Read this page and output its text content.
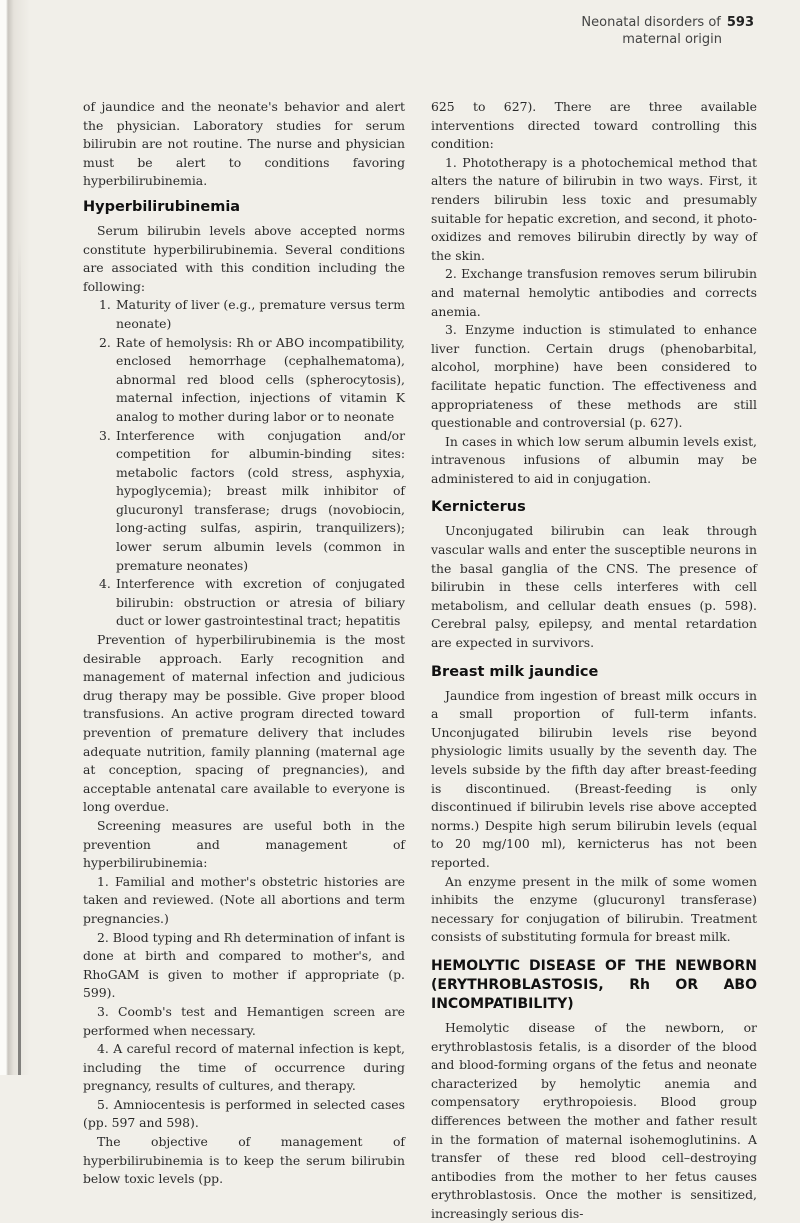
Neonatal disorders of 593
maternal origin

of jaundice and the neonate's behavior and alert the physician. Laboratory studies for serum bilirubin are not routine. The nurse and physician must be alert to conditions favoring hyperbilirubinemia.

Hyperbilirubinemia

Serum bilirubin levels above accepted norms constitute hyperbilirubinemia. Several conditions are associated with this condition including the following:

1. Maturity of liver (e.g., premature versus term neonate)
2. Rate of hemolysis: Rh or ABO incompatibility, enclosed hemorrhage (cephalhematoma), abnormal red blood cells (spherocytosis), maternal infection, injections of vitamin K analog to mother during labor or to neonate
3. Interference with conjugation and/or competition for albumin-binding sites: metabolic factors (cold stress, asphyxia, hypoglycemia); breast milk inhibitor of glucuronyl transferase; drugs (novobiocin, long-acting sulfas, aspirin, tranquilizers); lower serum albumin levels (common in premature neonates)
4. Interference with excretion of conjugated bilirubin: obstruction or atresia of biliary duct or lower gastrointestinal tract; hepatitis

Prevention of hyperbilirubinemia is the most desirable approach. Early recognition and management of maternal infection and judicious drug therapy may be possible. Give proper blood transfusions. An active program directed toward prevention of premature delivery that includes adequate nutrition, family planning (maternal age at conception, spacing of pregnancies), and acceptable antenatal care available to everyone is long overdue.

Screening measures are useful both in the prevention and management of hyperbilirubinemia:

1. Familial and mother's obstetric histories are taken and reviewed. (Note all abortions and term pregnancies.)

2. Blood typing and Rh determination of infant is done at birth and compared to mother's, and RhoGAM is given to mother if appropriate (p. 599).

3. Coomb's test and Hemantigen screen are performed when necessary.

4. A careful record of maternal infection is kept, including the time of occurrence during pregnancy, results of cultures, and therapy.

5. Amniocentesis is performed in selected cases (pp. 597 and 598).

The objective of management of hyperbilirubinemia is to keep the serum bilirubin below toxic levels (pp.

625 to 627). There are three available interventions directed toward controlling this condition:

1. Phototherapy is a photochemical method that alters the nature of bilirubin in two ways. First, it renders bilirubin less toxic and presumably suitable for hepatic excretion, and second, it photo-oxidizes and removes bilirubin directly by way of the skin.

2. Exchange transfusion removes serum bilirubin and maternal hemolytic antibodies and corrects anemia.

3. Enzyme induction is stimulated to enhance liver function. Certain drugs (phenobarbital, alcohol, morphine) have been considered to facilitate hepatic function. The effectiveness and appropriateness of these methods are still questionable and controversial (p. 627).

In cases in which low serum albumin levels exist, intravenous infusions of albumin may be administered to aid in conjugation.

Kernicterus

Unconjugated bilirubin can leak through vascular walls and enter the susceptible neurons in the basal ganglia of the CNS. The presence of bilirubin in these cells interferes with cell metabolism, and cellular death ensues (p. 598). Cerebral palsy, epilepsy, and mental retardation are expected in survivors.

Breast milk jaundice

Jaundice from ingestion of breast milk occurs in a small proportion of full-term infants. Unconjugated bilirubin levels rise beyond physiologic limits usually by the seventh day. The levels subside by the fifth day after breast-feeding is discontinued. (Breast-feeding is only discontinued if bilirubin levels rise above accepted norms.) Despite high serum bilirubin levels (equal to 20 mg/100 ml), kernicterus has not been reported.

An enzyme present in the milk of some women inhibits the enzyme (glucuronyl transferase) necessary for conjugation of bilirubin. Treatment consists of substituting formula for breast milk.

HEMOLYTIC DISEASE OF THE NEWBORN (ERYTHROBLASTOSIS, Rh OR ABO INCOMPATIBILITY)

Hemolytic disease of the newborn, or erythroblastosis fetalis, is a disorder of the blood and blood-forming organs of the fetus and neonate characterized by hemolytic anemia and compensatory erythropoiesis. Blood group differences between the mother and father result in the formation of maternal isohemoglutinins. A transfer of these red blood cell–destroying antibodies from the mother to her fetus causes erythroblastosis. Once the mother is sensitized, increasingly serious dis-
